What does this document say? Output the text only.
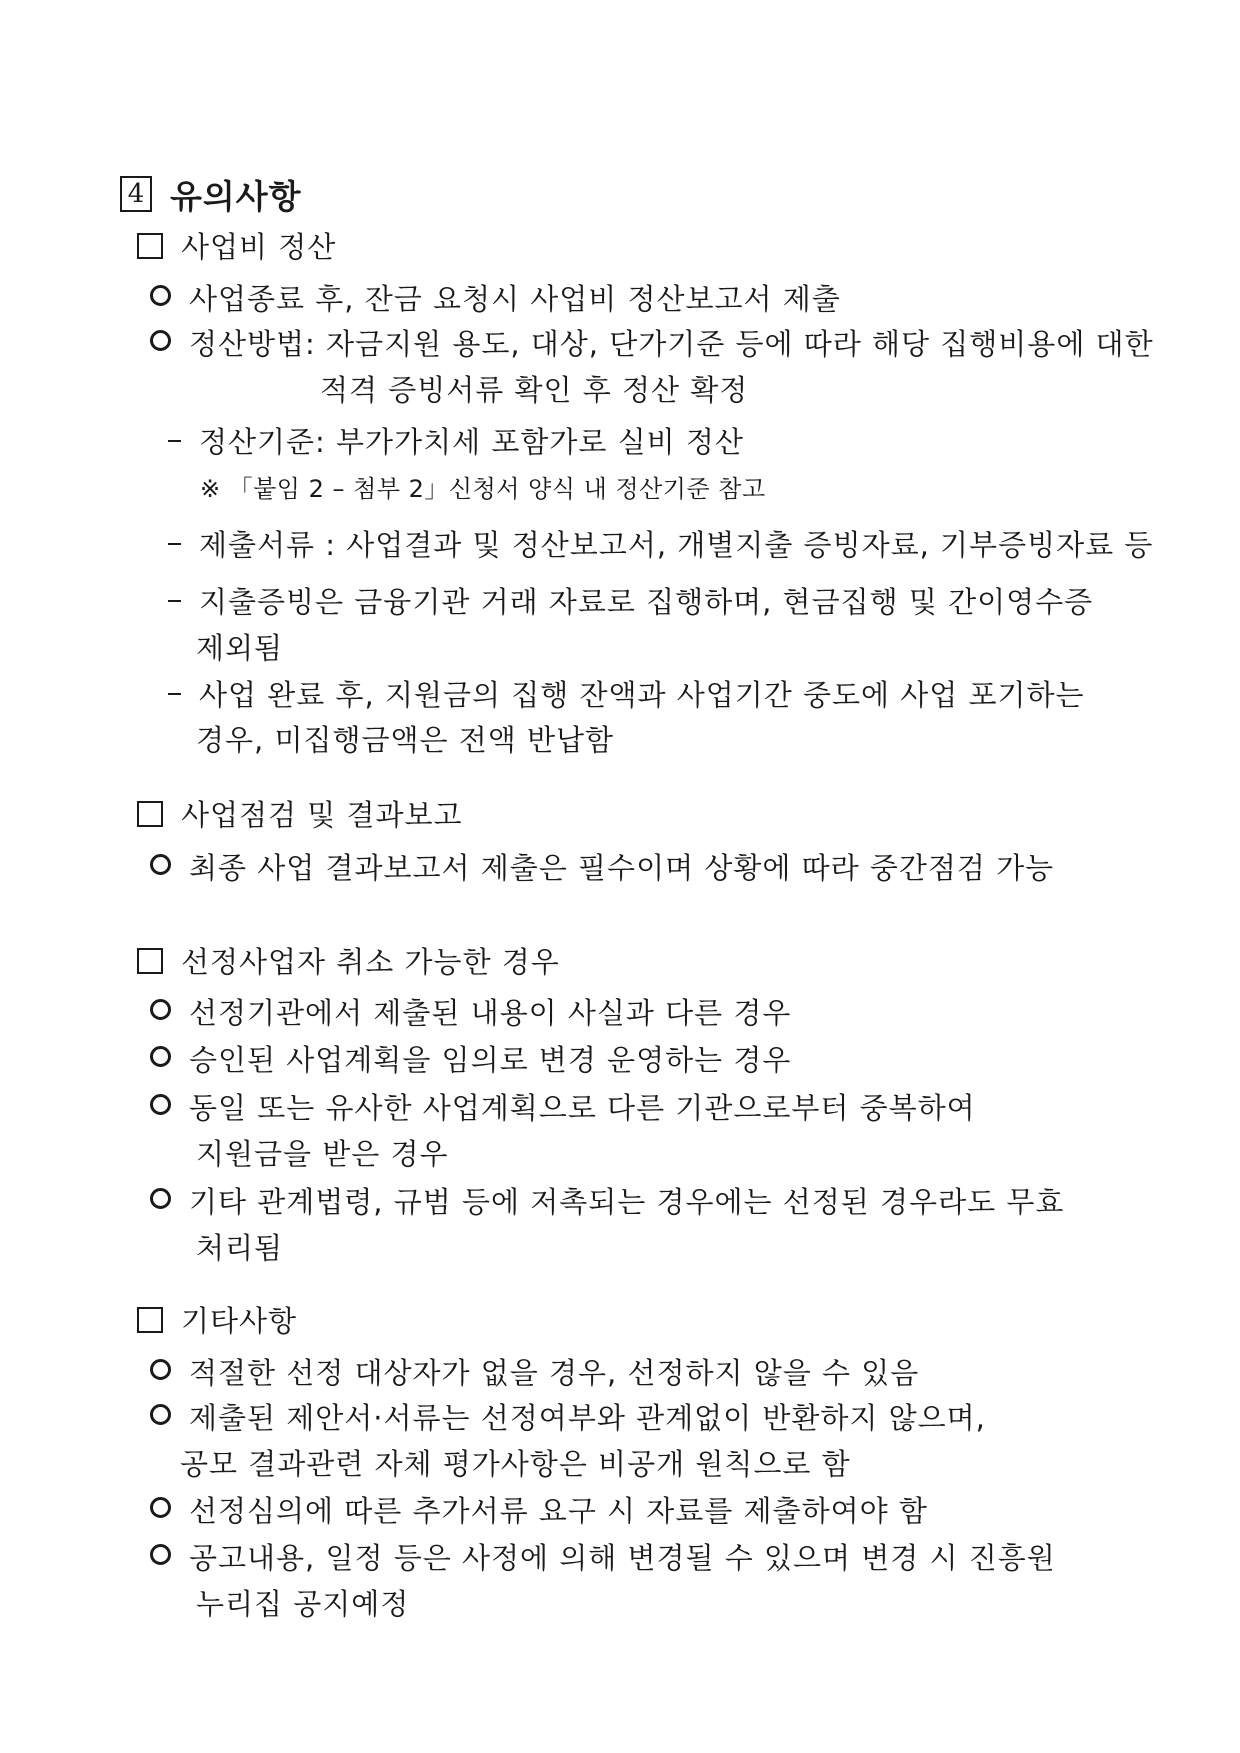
4 유의사항
사업비 정산
사업종료 후, 잔금 요청시 사업비 정산보고서 제출
정산방법: 자금지원 용도, 대상, 단가기준 등에 따라 해당 집행비용에 대한
적격 증빙서류 확인 후 정산 확정
정산기준: 부가가치세 포함가로 실비 정산
※ 「붙임 2 – 첨부 2」신청서 양식 내 정산기준 참고
제출서류 : 사업결과 및 정산보고서, 개별지출 증빙자료, 기부증빙자료 등
지출증빙은 금융기관 거래 자료로 집행하며, 현금집행 및 간이영수증
제외됨
사업 완료 후, 지원금의 집행 잔액과 사업기간 중도에 사업 포기하는
경우, 미집행금액은 전액 반납함
사업점검 및 결과보고
최종 사업 결과보고서 제출은 필수이며 상황에 따라 중간점검 가능
선정사업자 취소 가능한 경우
선정기관에서 제출된 내용이 사실과 다른 경우
승인된 사업계획을 임의로 변경 운영하는 경우
동일 또는 유사한 사업계획으로 다른 기관으로부터 중복하여
지원금을 받은 경우
기타 관계법령, 규범 등에 저촉되는 경우에는 선정된 경우라도 무효
처리됨
기타사항
적절한 선정 대상자가 없을 경우, 선정하지 않을 수 있음
제출된 제안서·서류는 선정여부와 관계없이 반환하지 않으며,
공모 결과관련 자체 평가사항은 비공개 원칙으로 함
선정심의에 따른 추가서류 요구 시 자료를 제출하여야 함
공고내용, 일정 등은 사정에 의해 변경될 수 있으며 변경 시 진흥원
누리집 공지예정
